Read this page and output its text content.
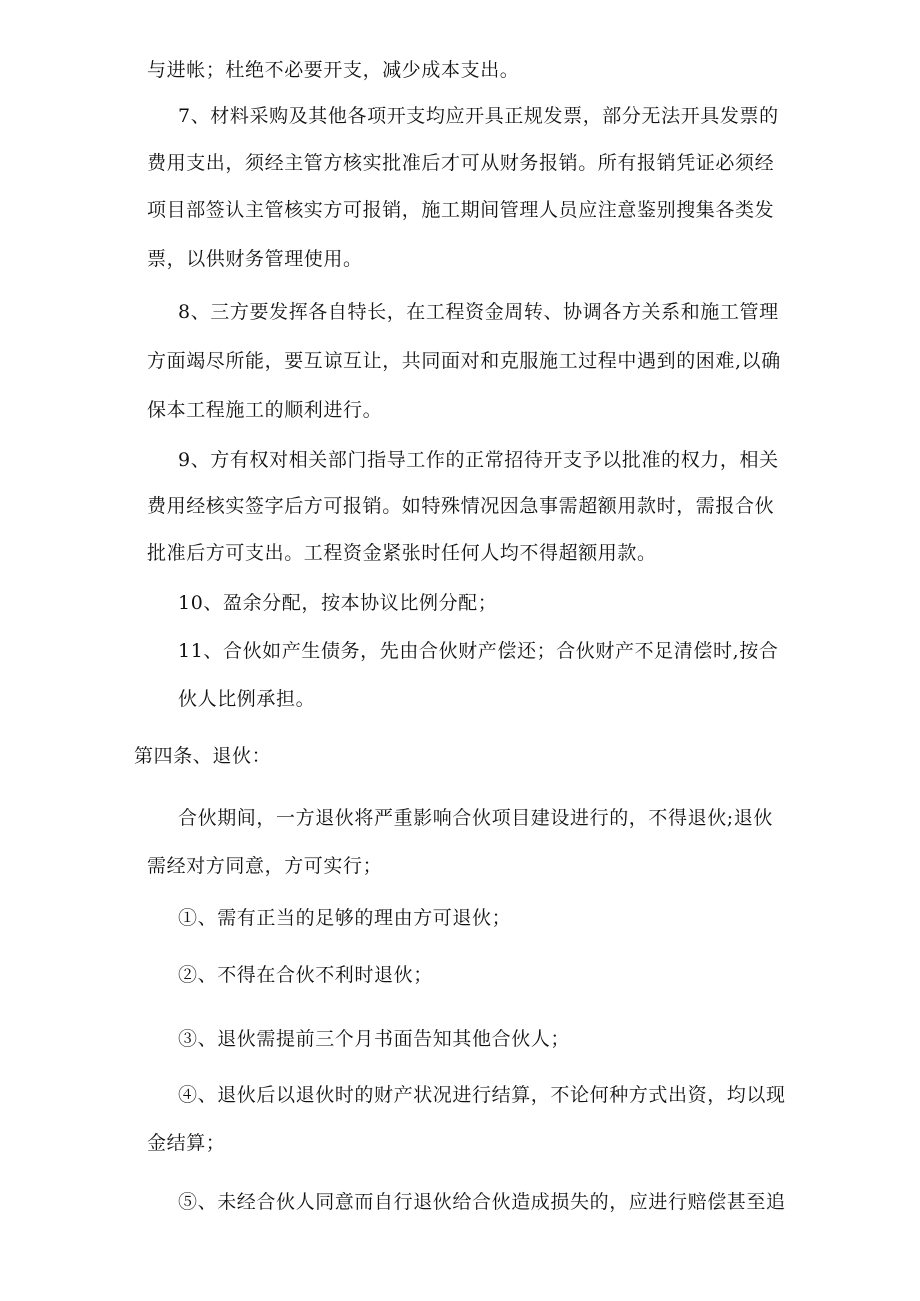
与进帐；杜绝不必要开支，减少成本支出。
7、材料采购及其他各项开支均应开具正规发票，部分无法开具发票的
费用支出，须经主管方核实批准后才可从财务报销。所有报销凭证必须经
项目部签认主管核实方可报销，施工期间管理人员应注意鉴别搜集各类发
票，以供财务管理使用。
8、三方要发挥各自特长，在工程资金周转、协调各方关系和施工管理
方面竭尽所能，要互谅互让，共同面对和克服施工过程中遇到的困难,以确
保本工程施工的顺利进行。
9、方有权对相关部门指导工作的正常招待开支予以批准的权力，相关
费用经核实签字后方可报销。如特殊情况因急事需超额用款时，需报合伙
批准后方可支出。工程资金紧张时任何人均不得超额用款。
10、盈余分配，按本协议比例分配；
11、合伙如产生债务，先由合伙财产偿还；合伙财产不足清偿时,按合
伙人比例承担。
第四条、退伙：
合伙期间，一方退伙将严重影响合伙项目建设进行的，不得退伙;退伙
需经对方同意，方可实行；
①、需有正当的足够的理由方可退伙；
②、不得在合伙不利时退伙；
③、退伙需提前三个月书面告知其他合伙人；
④、退伙后以退伙时的财产状况进行结算，不论何种方式出资，均以现
金结算；
⑤、未经合伙人同意而自行退伙给合伙造成损失的，应进行赔偿甚至追
